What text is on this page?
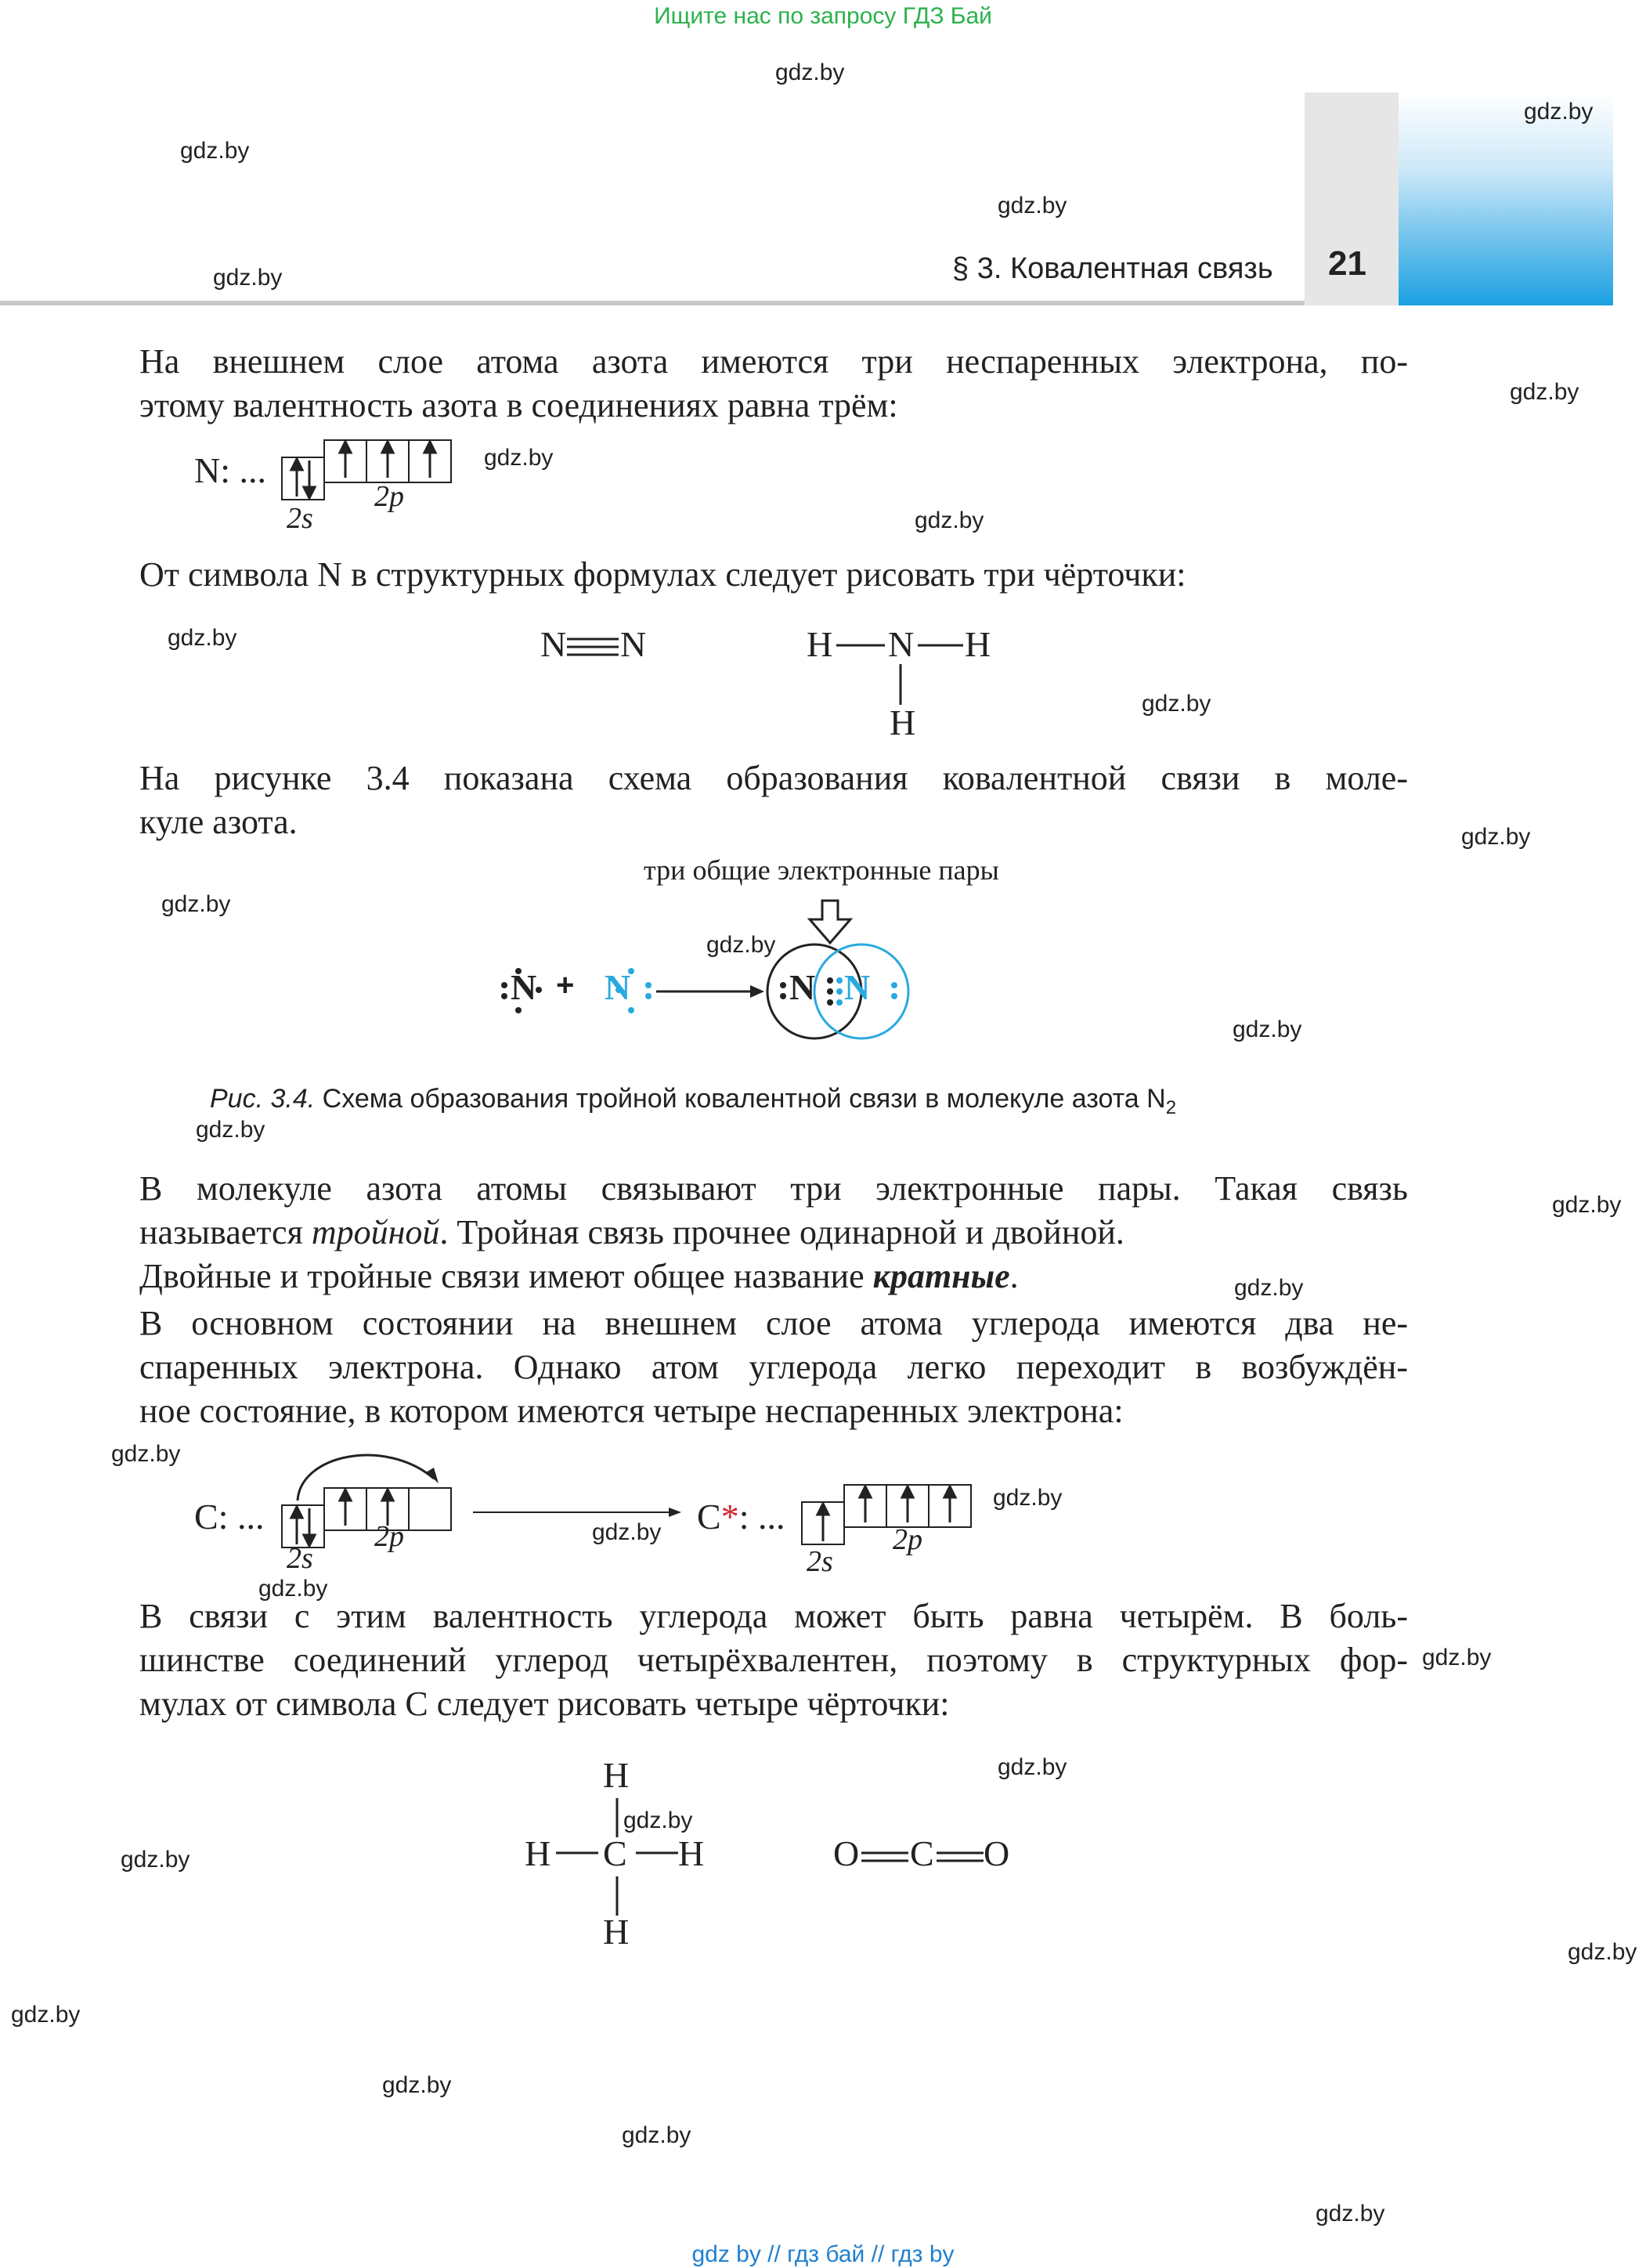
Ищите нас по запросу ГДЗ Бай
§ 3. Ковалентная связь 21
На внешнем слое атома азота имеются три неспаренных электрона, по-
этому валентность азота в соединениях равна трём:
N: ...
2s
2p
От символа N в структурных формулах следует рисовать три чёрточки:
N N	H N H
H
На рисунке 3.4 показана схема образования ковалентной связи в моле-
куле азота.
три общие электронные пары
N + N	N N
Рис. 3.4. Схема образования тройной ковалентной связи в молекуле азота $N_2$
В молекуле азота атомы связывают три электронные пары. Такая связь
называется тройной. Тройная связь прочнее одинарной и двойной.
Двойные и тройные связи имеют общее название кратные.
В основном состоянии на внешнем слое атома углерода имеются два не-
спаренных электрона. Однако атом углерода легко переходит в возбуждён-
ное состояние, в котором имеются четыре неспаренных электрона:
C: ...
2s
2p	C*: ...
2s
2p
В связи с этим валентность углерода может быть равна четырём. В боль-
шинстве соединений углерод четырёхвалентен, поэтому в структурных фор-
мулах от символа C следует рисовать четыре чёрточки:
H
H C H
H
O C O
gdz.by
gdz.by
gdz.by
gdz.by
gdz.by
gdz.by
gdz.by
gdz.by
gdz.by
gdz.by
gdz.by
gdz.by
gdz.by
gdz.by
gdz.by
gdz.by
gdz.by
gdz.by
gdz.by
gdz.by
gdz.by
gdz.by
gdz.by
gdz.by
gdz.by
gdz.by
gdz.by
gdz.by
gdz.by
gdz.by
gdz by // гдз бай // гдз by
